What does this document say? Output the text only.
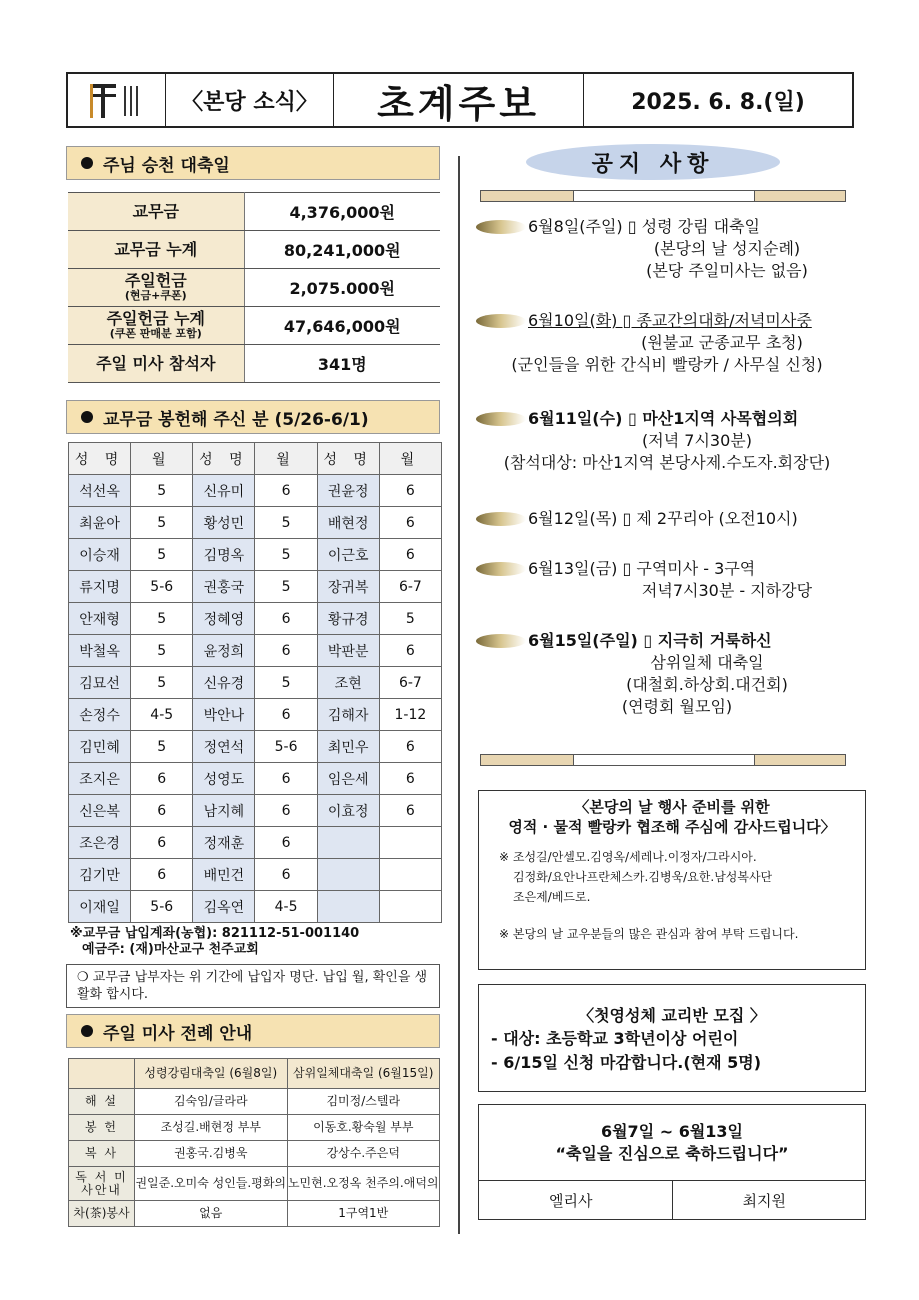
〈본당 소식〉	초계주보	2025. 6. 8.(일)
주님 승천 대축일
교무금	4,376,000원
교무금 누계	80,241,000원
주일헌금
(현금+쿠폰)	2,075.000원
주일헌금 누계
(쿠폰 판매분 포함)	47,646,000원
주일 미사 참석자	341명
교무금 봉헌해 주신 분 (5/26-6/1)
성 명	월	성 명	월	성 명	월
석선옥	5	신유미	6	권윤정	6
최윤아	5	황성민	5	배현정	6
이승재	5	김명옥	5	이근호	6
류지명	5-6	권홍국	5	장귀복	6-7
안재형	5	정혜영	6	황규경	5
박철옥	5	윤정희	6	박판분	6
김묘선	5	신유경	5	조현	6-7
손정수	4-5	박안나	6	김해자	1-12
김민혜	5	정연석	5-6	최민우	6
조지은	6	성영도	6	임은세	6
신은복	6	남지혜	6	이효정	6
조은경	6	정재훈	6		
김기만	6	배민건	6		
이재일	5-6	김옥연	4-5		
※교무금 납입계좌(농협): 821112-51-001140
예금주: (재)마산교구 천주교회
❍ 교무금 납부자는 위 기간에 납입자 명단. 납입 월, 확인을 생활화 합시다.
주일 미사 전례 안내
	성령강림대축일 (6월8일)	삼위일체대축일 (6월15일)
해 설	김숙임/글라라	김미정/스텔라
봉 헌	조성길.배현정 부부	이동호.황숙월 부부
복 사	권홍국.김병욱	강상수.주은덕
독 서 미사안내	권일준.오미숙 성인들.평화의	노민현.오정옥 천주의.애덕의
차(茶)봉사	없음	1구역1반
공지 사항
6월8일(주일) ▯ 성령 강림 대축일
(본당의 날 성지순례)
(본당 주일미사는 없음)
6월10일(화) ▯ 종교간의대화/저녁미사중
(원불교 군종교무 초청)
(군인들을 위한 간식비 빨랑카 / 사무실 신청)
6월11일(수) ▯ 마산1지역 사목협의회
(저녁 7시30분)
(참석대상: 마산1지역 본당사제.수도자.회장단)
6월12일(목) ▯ 제 2꾸리아 (오전10시)
6월13일(금) ▯ 구역미사 - 3구역
저녁7시30분 - 지하강당
6월15일(주일) ▯ 지극히 거룩하신
삼위일체 대축일
(대철회.하상회.대건회)
(연령회 월모임)
〈본당의 날 행사 준비를 위한
영적 · 물적 빨랑카 협조해 주심에 감사드립니다〉
※ 조성길/안셀모.김영옥/세레나.이정자/그라시아.
김정화/요안나프란체스카.김병욱/요한.남성복사단
조은제/베드로.
※ 본당의 날 교우분들의 많은 관심과 참여 부탁 드립니다.
〈첫영성체 교리반 모집 〉
- 대상: 초등학교 3학년이상 어린이
- 6/15일 신청 마감합니다.(현재 5명)
6월7일 ~ 6월13일
“축일을 진심으로 축하드립니다”
엘리사	최지원
